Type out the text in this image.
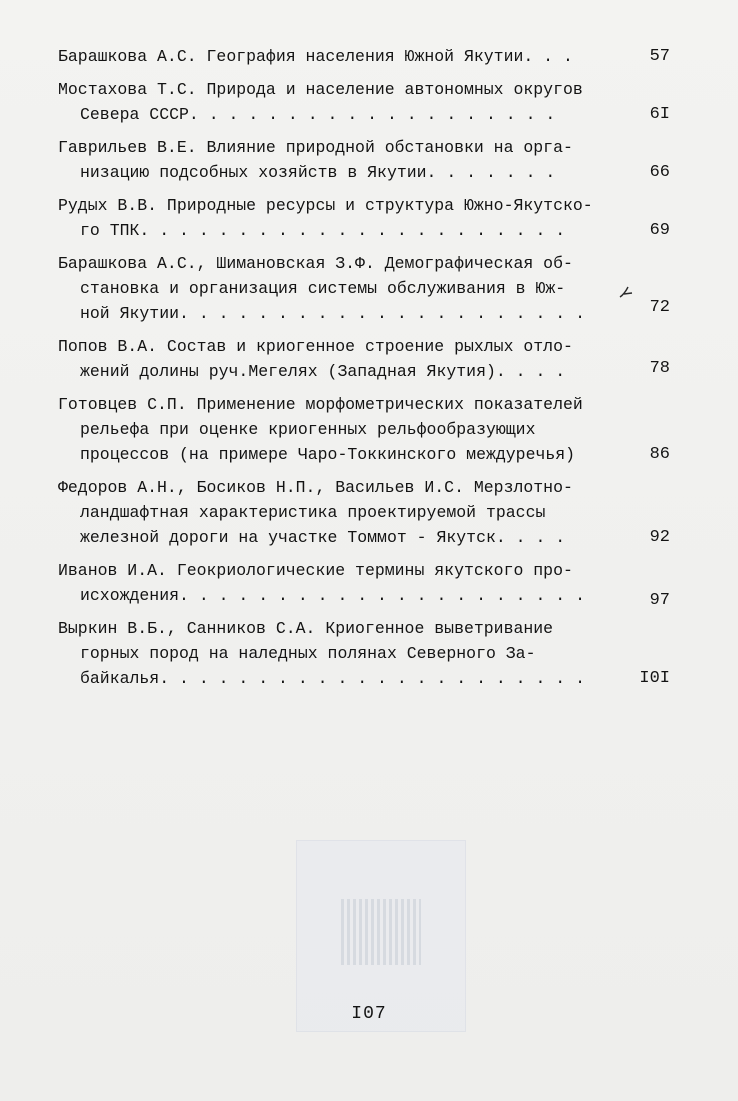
Барашкова А.С. География населения Южной Якутии. . .	57
Мостахова Т.С. Природа и население автономных округов
Севера СССР. . . . . . . . . . . . . . . . . . .	6I
Гаврильев В.Е. Влияние природной обстановки на орга-
низацию подсобных хозяйств в Якутии. . . . . . .	66
Рудых В.В. Природные ресурсы и структура Южно-Якутско-
го ТПК. . . . . . . . . . . . . . . . . . . . . .	69
Барашкова А.С., Шимановская З.Ф. Демографическая об-
становка и организация системы обслуживания в Юж-
ной Якутии. . . . . . . . . . . . . . . . . . . . .	72
Попов В.А. Состав и криогенное строение рыхлых отло-
жений долины руч.Мегелях (Западная Якутия). . . .	78
Готовцев С.П. Применение морфометрических показателей
рельефа при оценке криогенных рельфообразующих
процессов (на примере Чаро-Токкинского междуречья)	86
Федоров А.Н., Босиков Н.П., Васильев И.С. Мерзлотно-
ландшафтная характеристика проектируемой трассы
железной дороги на участке Томмот - Якутск. . . .	92
Иванов И.А. Геокриологические термины якутского про-
исхождения. . . . . . . . . . . . . . . . . . . . .	97
Выркин В.Б., Санников С.А. Криогенное выветривание
горных пород на наледных полянах Северного За-
байкалья. . . . . . . . . . . . . . . . . . . . . .	I0I
I07
